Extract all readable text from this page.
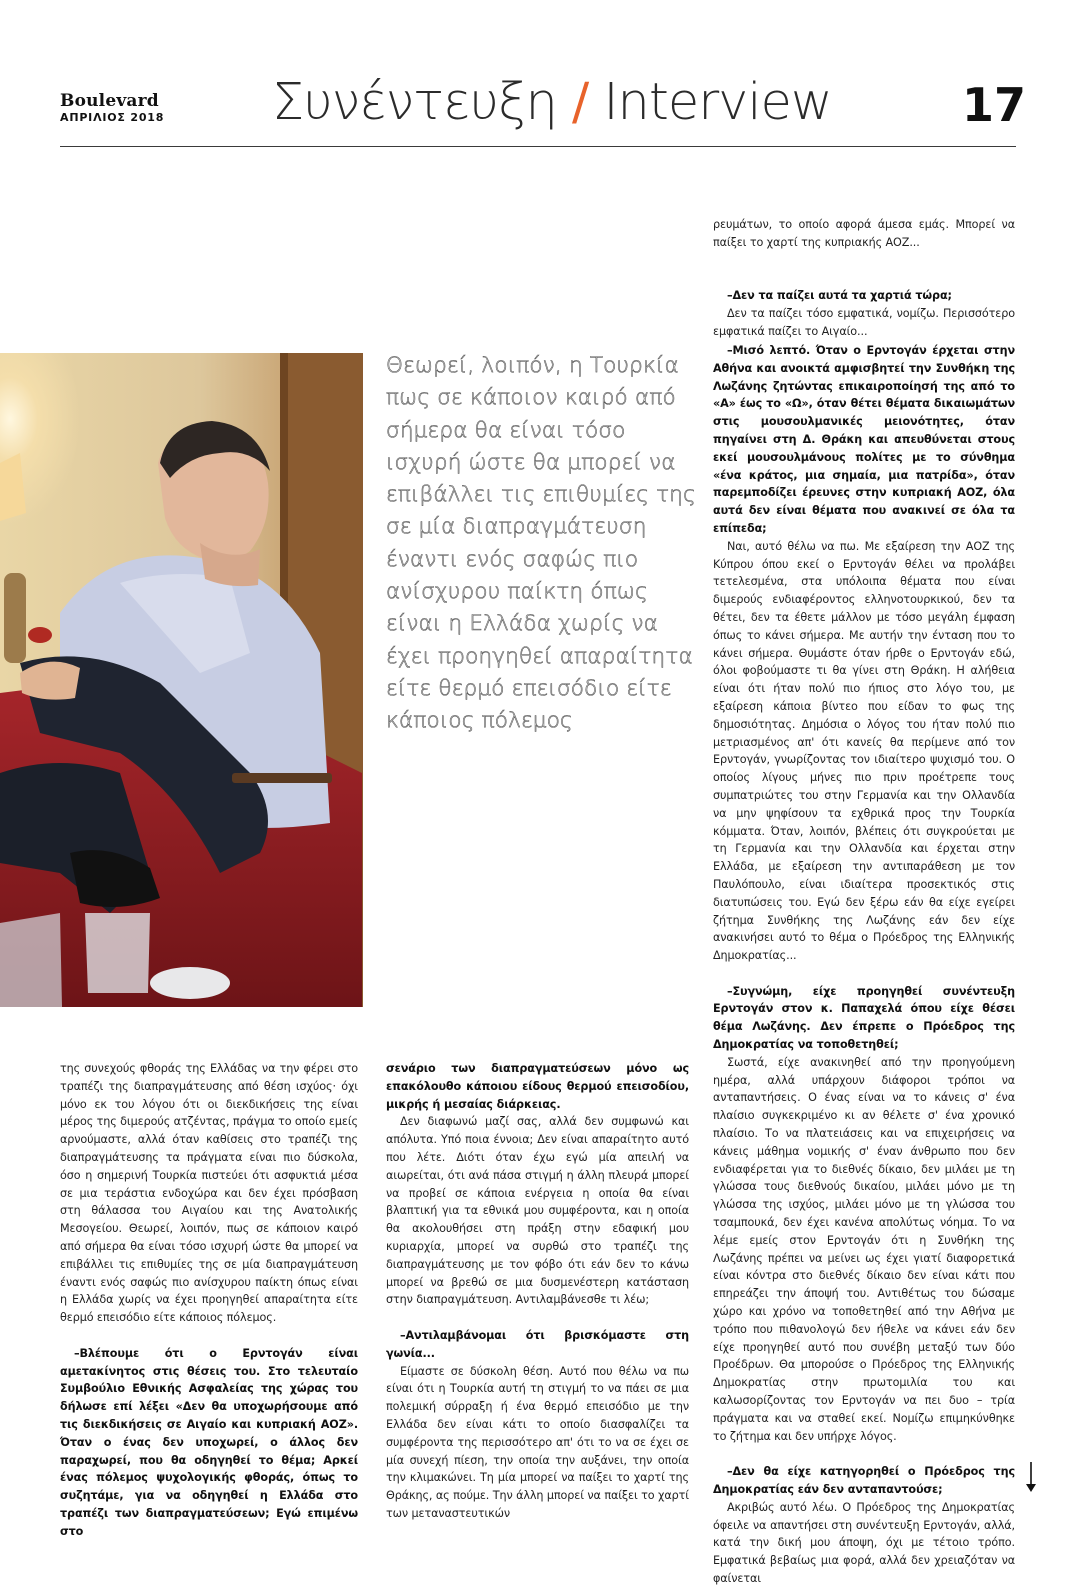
Boulevard
ΑΠΡΙΛΙΟΣ 2018	Συνέντευξη / Interview	17
Θεωρεί, λοιπόν, η Τουρκία πως σε κάποιον καιρό από σήμερα θα είναι τόσο ισχυρή ώστε θα μπορεί να επιβάλλει τις επιθυμίες της σε μία διαπραγμάτευση έναντι ενός σαφώς πιο ανίσχυρου παίκτη όπως είναι η Ελλάδα χωρίς να έχει προηγηθεί απαραίτητα είτε θερμό επεισόδιο είτε κάποιος πόλεμος

ρευμάτων, το οποίο αφορά άμεσα εμάς. Μπορεί να παίξει το χαρτί της κυπριακής ΑΟΖ...

–Δεν τα παίζει αυτά τα χαρτιά τώρα;

Δεν τα παίζει τόσο εμφατικά, νομίζω. Περισσότερο εμφατικά παίζει το Αιγαίο...

–Μισό λεπτό. Όταν ο Ερντογάν έρχεται στην Αθήνα και ανοικτά αμφισβητεί την Συνθήκη της Λωζάνης ζητώντας επικαιροποίησή της από το «Α» έως το «Ω», όταν θέτει θέματα δικαιωμάτων στις μουσουλμανικές μειονότητες, όταν πηγαίνει στη Δ. Θράκη και απευθύνεται στους εκεί μουσουλμάνους πολίτες με το σύνθημα «ένα κράτος, μια σημαία, μια πατρίδα», όταν παρεμποδίζει έρευνες στην κυπριακή ΑΟΖ, όλα αυτά δεν είναι θέματα που ανακινεί σε όλα τα επίπεδα;

Ναι, αυτό θέλω να πω. Με εξαίρεση την ΑΟΖ της Κύπρου όπου εκεί ο Ερντογάν θέλει να προλάβει τετελεσμένα, στα υπόλοιπα θέματα που είναι διμερούς ενδιαφέροντος ελληνοτουρκικού, δεν τα θέτει, δεν τα έθετε μάλλον με τόσο μεγάλη έμφαση όπως το κάνει σήμερα. Με αυτήν την ένταση που το κάνει σήμερα. Θυμάστε όταν ήρθε ο Ερντογάν εδώ, όλοι φοβούμαστε τι θα γίνει στη Θράκη. Η αλήθεια είναι ότι ήταν πολύ πιο ήπιος στο λόγο του, με εξαίρεση κάποια βίντεο που είδαν το φως της δημοσιότητας. Δημόσια ο λόγος του ήταν πολύ πιο μετριασμένος απ' ότι κανείς θα περίμενε από τον Ερντογάν, γνωρίζοντας τον ιδιαίτερο ψυχισμό του. Ο οποίος λίγους μήνες πιο πριν προέτρεπε τους συμπατριώτες του στην Γερμανία και την Ολλανδία να μην ψηφίσουν τα εχθρικά προς την Τουρκία κόμματα. Όταν, λοιπόν, βλέπεις ότι συγκρούεται με τη Γερμανία και την Ολλανδία και έρχεται στην Ελλάδα, με εξαίρεση την αντιπαράθεση με τον Παυλόπουλο, είναι ιδιαίτερα προσεκτικός στις διατυπώσεις του. Εγώ δεν ξέρω εάν θα είχε εγείρει ζήτημα Συνθήκης της Λωζάνης εάν δεν είχε ανακινήσει αυτό το θέμα ο Πρόεδρος της Ελληνικής Δημοκρατίας...

–Συγνώμη, είχε προηγηθεί συνέντευξη Ερντογάν στον κ. Παπαχελά όπου είχε θέσει θέμα Λωζάνης. Δεν έπρεπε ο Πρόεδρος της Δημοκρατίας να τοποθετηθεί;

Σωστά, είχε ανακινηθεί από την προηγούμενη ημέρα, αλλά υπάρχουν διάφοροι τρόποι να ανταπαντήσεις. Ο ένας είναι να το κάνεις σ' ένα πλαίσιο συγκεκριμένο κι αν θέλετε σ' ένα χρονικό πλαίσιο. Το να πλατειάσεις και να επιχειρήσεις να κάνεις μάθημα νομικής σ' έναν άνθρωπο που δεν ενδιαφέρεται για το διεθνές δίκαιο, δεν μιλάει με τη γλώσσα τους διεθνούς δικαίου, μιλάει μόνο με τη γλώσσα της ισχύος, μιλάει μόνο με τη γλώσσα του τσαμπουκά, δεν έχει κανένα απολύτως νόημα. Το να λέμε εμείς στον Ερντογάν ότι η Συνθήκη της Λωζάνης πρέπει να μείνει ως έχει γιατί διαφορετικά είναι κόντρα στο διεθνές δίκαιο δεν είναι κάτι που επηρεάζει την άποψή του. Αντιθέτως του δώσαμε χώρο και χρόνο να τοποθετηθεί από την Αθήνα με τρόπο που πιθανολογώ δεν ήθελε να κάνει εάν δεν είχε προηγηθεί αυτό που συνέβη μεταξύ των δύο Προέδρων. Θα μπορούσε ο Πρόεδρος της Ελληνικής Δημοκρατίας στην πρωτομιλία του και καλωσορίζοντας τον Ερντογάν να πει δυο – τρία πράγματα και να σταθεί εκεί. Νομίζω επιμηκύνθηκε το ζήτημα και δεν υπήρχε λόγος.

–Δεν θα είχε κατηγορηθεί ο Πρόεδρος της Δημοκρατίας εάν δεν ανταπαντούσε;

Ακριβώς αυτό λέω. Ο Πρόεδρος της Δημοκρατίας όφειλε να απαντήσει στη συνέντευξη Ερντογάν, αλλά, κατά την δική μου άποψη, όχι με τέτοιο τρόπο. Εμφατικά βεβαίως μια φορά, αλλά δεν χρειαζόταν να φαίνεται

της συνεχούς φθοράς της Ελλάδας να την φέρει στο τραπέζι της διαπραγμάτευσης από θέση ισχύος· όχι μόνο εκ του λόγου ότι οι διεκδικήσεις της είναι μέρος της διμερούς ατζέντας, πράγμα το οποίο εμείς αρνούμαστε, αλλά όταν καθίσεις στο τραπέζι της διαπραγμάτευσης τα πράγματα είναι πιο δύσκολα, όσο η σημερινή Τουρκία πιστεύει ότι ασφυκτιά μέσα σε μια τεράστια ενδοχώρα και δεν έχει πρόσβαση στη θάλασσα του Αιγαίου και της Ανατολικής Μεσογείου. Θεωρεί, λοιπόν, πως σε κάποιον καιρό από σήμερα θα είναι τόσο ισχυρή ώστε θα μπορεί να επιβάλλει τις επιθυμίες της σε μία διαπραγμάτευση έναντι ενός σαφώς πιο ανίσχυρου παίκτη όπως είναι η Ελλάδα χωρίς να έχει προηγηθεί απαραίτητα είτε θερμό επεισόδιο είτε κάποιος πόλεμος.

–Βλέπουμε ότι ο Ερντογάν είναι αμετακίνητος στις θέσεις του. Στο τελευταίο Συμβούλιο Εθνικής Ασφαλείας της χώρας του δήλωσε επί λέξει «Δεν θα υποχωρήσουμε από τις διεκδικήσεις σε Αιγαίο και κυπριακή ΑΟΖ». Όταν ο ένας δεν υποχωρεί, ο άλλος δεν παραχωρεί, που θα οδηγηθεί το θέμα; Αρκεί ένας πόλεμος ψυχολογικής φθοράς, όπως το συζητάμε, για να οδηγηθεί η Ελλάδα στο τραπέζι των διαπραγματεύσεων; Εγώ επιμένω στο

σενάριο των διαπραγματεύσεων μόνο ως επακόλουθο κάποιου είδους θερμού επεισοδίου, μικρής ή μεσαίας διάρκειας.

Δεν διαφωνώ μαζί σας, αλλά δεν συμφωνώ και απόλυτα. Υπό ποια έννοια; Δεν είναι απαραίτητο αυτό που λέτε. Διότι όταν έχω εγώ μία απειλή να αιωρείται, ότι ανά πάσα στιγμή η άλλη πλευρά μπορεί να προβεί σε κάποια ενέργεια η οποία θα είναι βλαπτική για τα εθνικά μου συμφέροντα, και η οποία θα ακολουθήσει στη πράξη στην εδαφική μου κυριαρχία, μπορεί να συρθώ στο τραπέζι της διαπραγμάτευσης με τον φόβο ότι εάν δεν το κάνω μπορεί να βρεθώ σε μια δυσμενέστερη κατάσταση στην διαπραγμάτευση. Αντιλαμβάνεσθε τι λέω;

–Αντιλαμβάνομαι ότι βρισκόμαστε στη γωνία...

Είμαστε σε δύσκολη θέση. Αυτό που θέλω να πω είναι ότι η Τουρκία αυτή τη στιγμή το να πάει σε μια πολεμική σύρραξη ή ένα θερμό επεισόδιο με την Ελλάδα δεν είναι κάτι το οποίο διασφαλίζει τα συμφέροντα της περισσότερο απ' ότι το να σε έχει σε μία συνεχή πίεση, την οποία την αυξάνει, την οποία την κλιμακώνει. Τη μία μπορεί να παίξει το χαρτί της Θράκης, ας πούμε. Την άλλη μπορεί να παίξει το χαρτί των μεταναστευτικών
